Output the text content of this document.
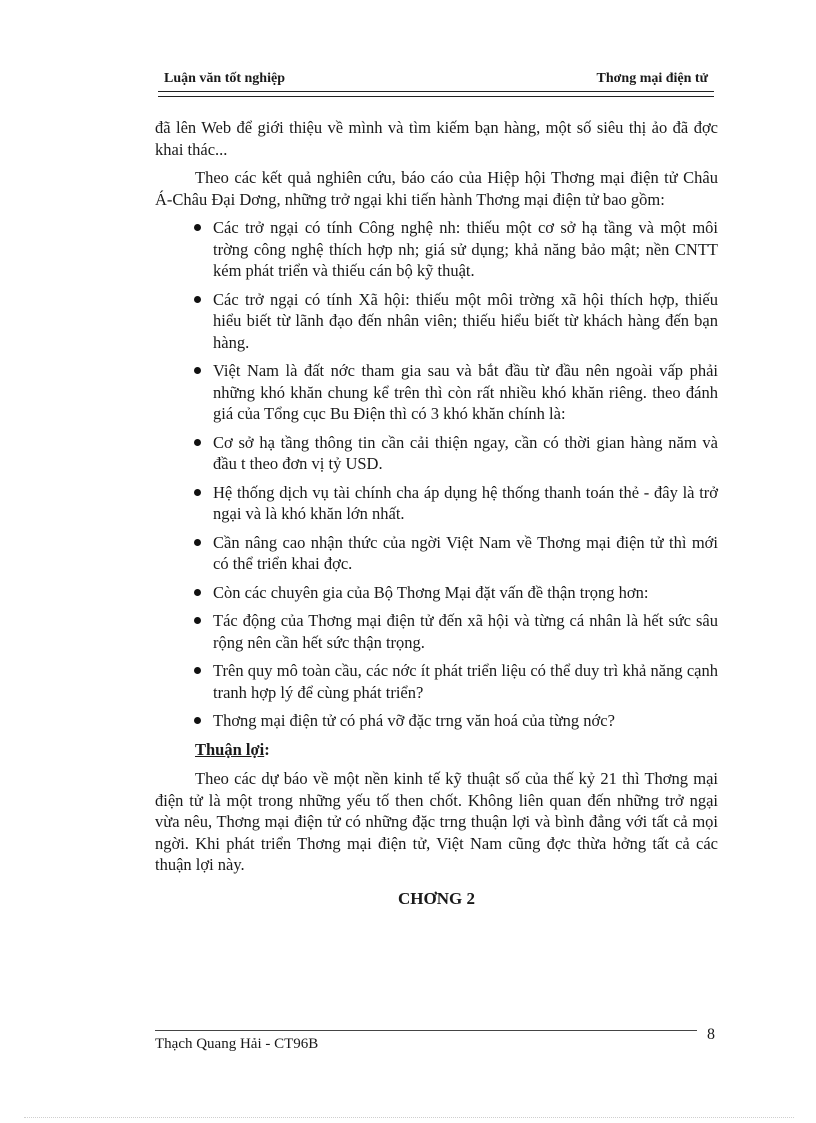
Luận văn tốt nghiệp	Thơng mại điện tử

đã lên Web để giới thiệu về mình và tìm kiếm bạn hàng, một số siêu thị ảo đã đợc khai thác...

Theo các kết quả nghiên cứu, báo cáo của Hiệp hội Thơng mại điện tử Châu Á-Châu Đại Dơng, những trở ngại khi tiến hành Thơng mại điện tử bao gồm:

Các trở ngại có tính Công nghệ nh: thiếu một cơ sở hạ tầng và một môi trờng công nghệ thích hợp nh; giá sử dụng; khả năng bảo mật; nền CNTT kém phát triển và thiếu cán bộ kỹ thuật.
Các trở ngại có tính Xã hội: thiếu một môi trờng xã hội thích hợp, thiếu hiểu biết từ lãnh đạo đến nhân viên; thiếu hiểu biết từ khách hàng đến bạn hàng.
Việt Nam là đất nớc tham gia sau và bắt đầu từ đầu nên ngoài vấp phải những khó khăn chung kể trên thì còn rất nhiều khó khăn riêng. theo đánh giá của Tổng cục Bu Điện thì có 3 khó khăn chính là:
Cơ sở hạ tầng thông tin cần cải thiện ngay, cần có thời gian hàng năm và đầu t theo đơn vị tỷ USD.
Hệ thống dịch vụ tài chính cha áp dụng hệ thống thanh toán thẻ - đây là trở ngại và là khó khăn lớn nhất.
Cần nâng cao nhận thức của ngời Việt Nam về Thơng mại điện tử thì mới có thể triển khai đợc.
Còn các chuyên gia của Bộ Thơng Mại đặt vấn đề thận trọng hơn:
Tác động của Thơng mại điện tử đến xã hội và từng cá nhân là hết sức sâu rộng nên cần hết sức thận trọng.
Trên quy mô toàn cầu, các nớc ít phát triển liệu có thể duy trì khả năng cạnh tranh hợp lý để cùng phát triển?
Thơng mại điện tử có phá vỡ đặc trng văn hoá của từng nớc?
Thuận lợi:

Theo các dự báo về một nền kinh tế kỹ thuật số của thế kỷ 21 thì Thơng mại điện tử là một trong những yếu tố then chốt. Không liên quan đến những trở ngại vừa nêu, Thơng mại điện tử có những đặc trng thuận lợi và bình đẳng với tất cả mọi ngời. Khi phát triển Thơng mại điện tử, Việt Nam cũng đợc thừa hởng tất cả các thuận lợi này.

CHƠNG 2
8
Thạch Quang Hải - CT96B
